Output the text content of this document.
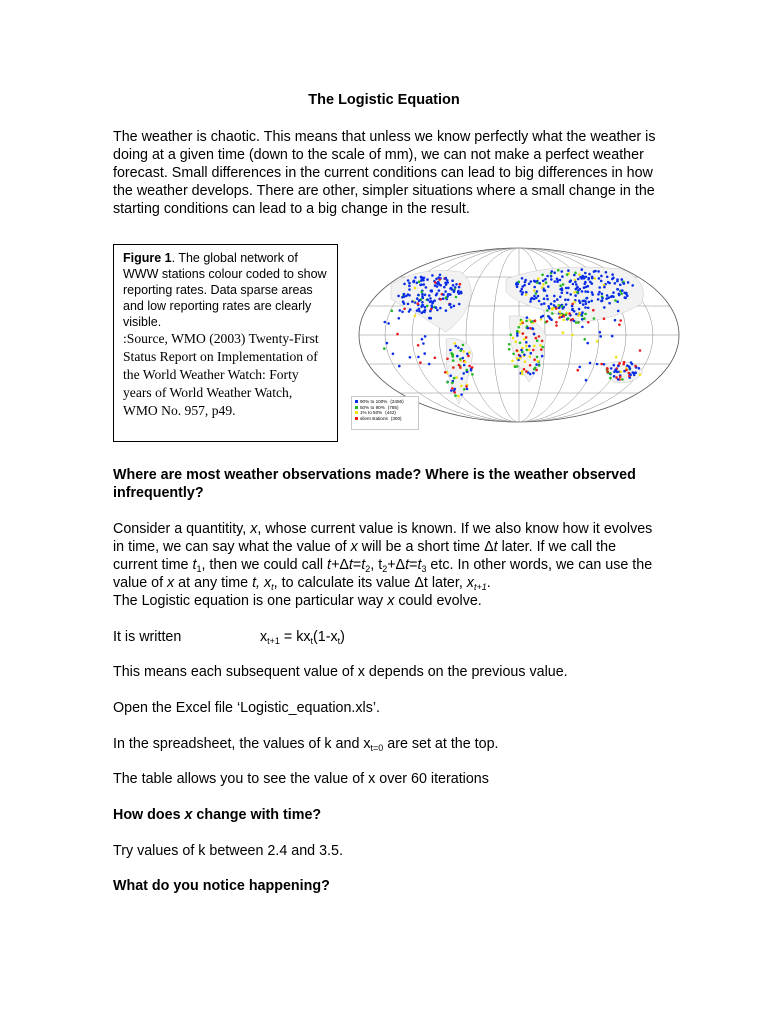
The Logistic Equation
The weather is chaotic. This means that unless we know perfectly what the weather is doing at a given time (down to the scale of mm), we can not make a perfect weather forecast. Small differences in the current conditions can lead to big differences in how the weather develops. There are other, simpler situations where a small change in the starting conditions can lead to a big change in the result.
Figure 1. The global network of WWW stations colour coded to show reporting rates. Data sparse areas and low reporting rates are clearly visible.
:Source, WMO (2003) Twenty-First Status Report on Implementation of the World Weather Watch: Forty years of World Weather Watch, WMO No. 957, p49.
90% to 100% (2456)
50% to 90% (785)
1% to 50% (442)
silent stations (300)
Where are most weather observations made? Where is the weather observed infrequently?
Consider a quantitity, x, whose current value is known. If we also know how it evolves in time, we can say what the value of x will be a short time Δt later. If we call the current time $t_1$, then we could call $t+\Delta t=t_2$, $t_2+\Delta t=t_3$ etc. In other words, we can use the value of x at any time t, $x_t$, to calculate its value Δt later, $x_{t+1}$.
The Logistic equation is one particular way x could evolve.
It is written	$x_{t+1} = kx_t(1-x_t)$
This means each subsequent value of x depends on the previous value.
Open the Excel file ‘Logistic_equation.xls’.
In the spreadsheet, the values of k and $x_{t=0}$ are set at the top.
The table allows you to see the value of x over 60 iterations
How does x change with time?
Try values of k between 2.4 and 3.5.
What do you notice happening?
